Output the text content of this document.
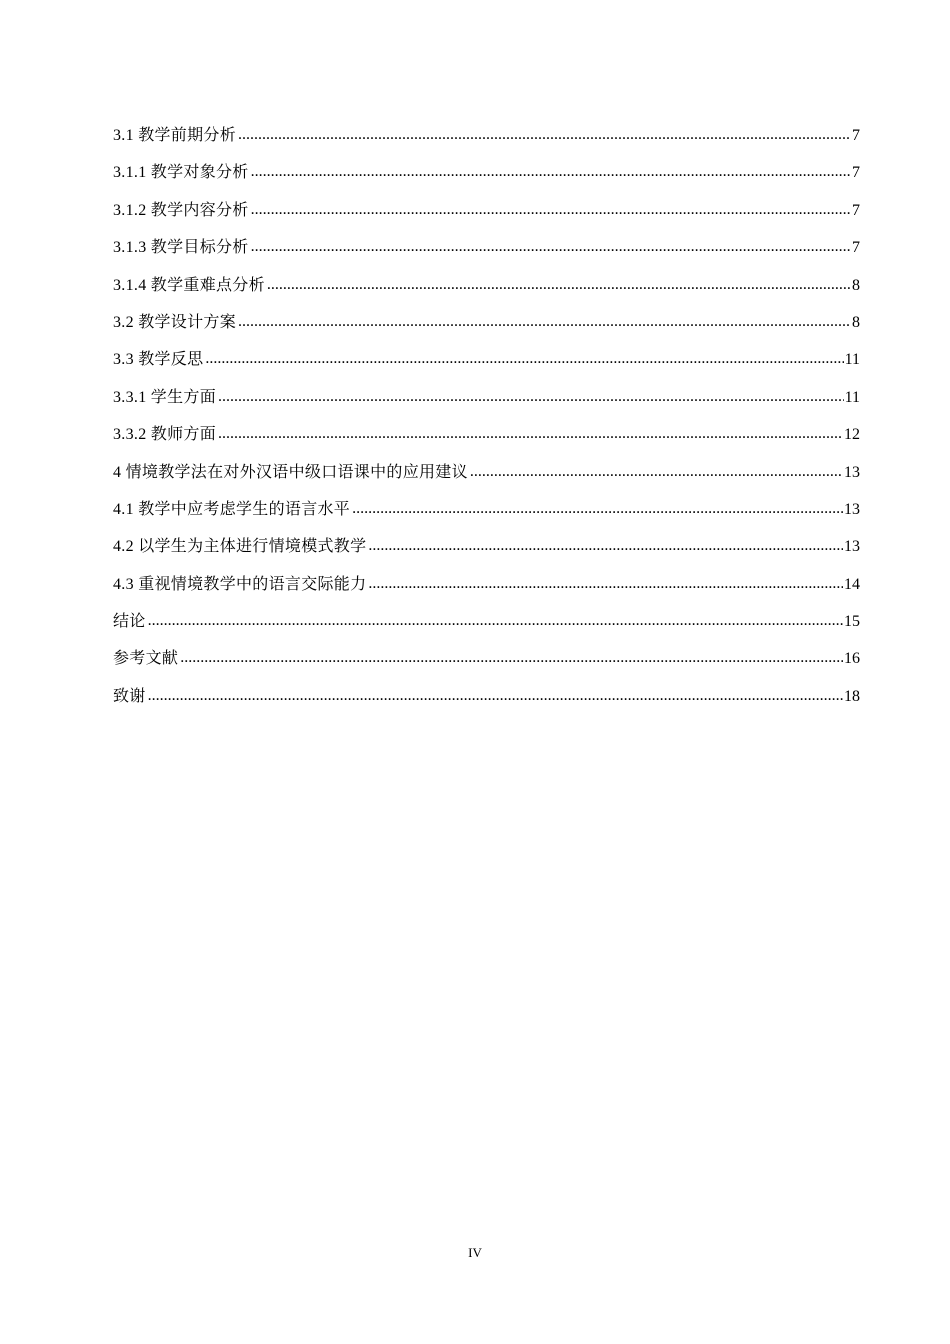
3.1 教学前期分析 .....	7
3.1.1 教学对象分析 .....	7
3.1.2 教学内容分析 .....	7
3.1.3 教学目标分析 .....	7
3.1.4 教学重难点分析 .....	8
3.2 教学设计方案 .....	8
3.3 教学反思 .....	11
3.3.1 学生方面 .....	11
3.3.2 教师方面 .....	12
4 情境教学法在对外汉语中级口语课中的应用建议 .....	13
4.1 教学中应考虑学生的语言水平 .....	13
4.2 以学生为主体进行情境模式教学 .....	13
4.3 重视情境教学中的语言交际能力 .....	14
结论 .....	15
参考文献 .....	16
致谢 .....	18
IV
